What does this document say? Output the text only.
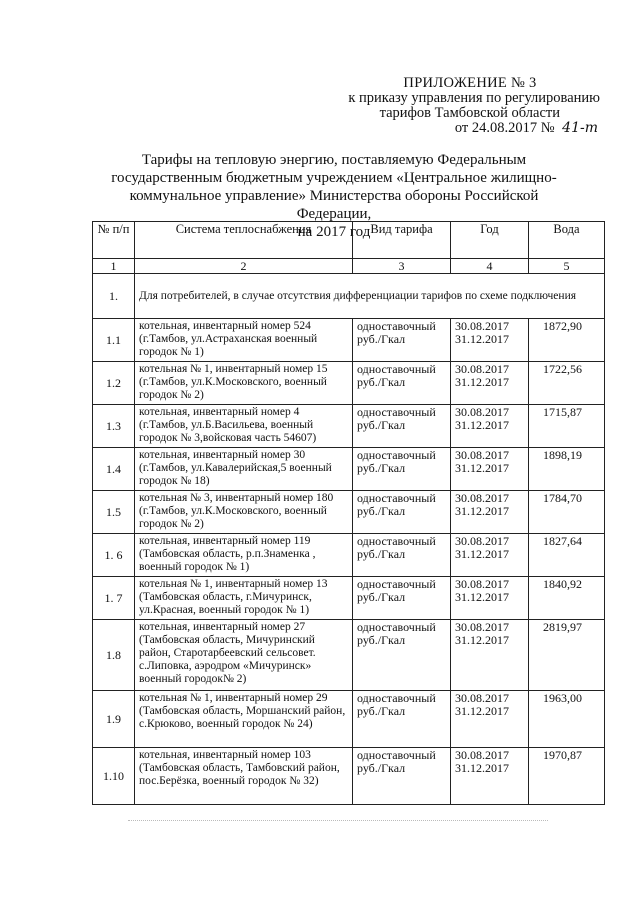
ПРИЛОЖЕНИЕ № 3
к приказу управления по регулированию
тарифов Тамбовской области
от 24.08.2017 № 41-т
Тарифы на тепловую энергию, поставляемую Федеральным
государственным бюджетным учреждением «Центральное жилищно-
коммунальное управление» Министерства обороны Российской Федерации,
на 2017 год
№ п/п	Система теплоснабжения	Вид тарифа	Год	Вода
1	2	3	4	5
1.	Для потребителей, в случае отсутствия дифференциации тарифов по схеме подключения			
1.1	котельная, инвентарный номер 524 (г.Тамбов, ул.Астраханская военный городок № 1)	одноставочный руб./Гкал	30.08.2017 31.12.2017	1872,90
1.2	котельная № 1, инвентарный номер 15 (г.Тамбов, ул.К.Московского, военный городок № 2)	одноставочный руб./Гкал	30.08.2017 31.12.2017	1722,56
1.3	котельная, инвентарный номер 4 (г.Тамбов, ул.Б.Васильева, военный городок № 3,войсковая часть 54607)	одноставочный руб./Гкал	30.08.2017 31.12.2017	1715,87
1.4	котельная, инвентарный номер 30 (г.Тамбов, ул.Кавалерийская,5 военный городок № 18)	одноставочный руб./Гкал	30.08.2017 31.12.2017	1898,19
1.5	котельная № 3, инвентарный номер 180 (г.Тамбов, ул.К.Московского, военный городок № 2)	одноставочный руб./Гкал	30.08.2017 31.12.2017	1784,70
1. 6	котельная, инвентарный номер 119 (Тамбовская область, р.п.Знаменка , военный городок № 1)	одноставочный руб./Гкал	30.08.2017 31.12.2017	1827,64
1. 7	котельная № 1, инвентарный номер 13 (Тамбовская область, г.Мичуринск, ул.Красная, военный городок № 1)	одноставочный руб./Гкал	30.08.2017 31.12.2017	1840,92
1.8	котельная, инвентарный номер 27 (Тамбовская область, Мичуринский район, Старотарбеевский сельсовет. с.Липовка, аэродром «Мичуринск» военный городок№ 2)	одноставочный руб./Гкал	30.08.2017 31.12.2017	2819,97
1.9	котельная № 1, инвентарный номер 29 (Тамбовская область, Моршанский район, с.Крюково, военный городок № 24)	одноставочный руб./Гкал	30.08.2017 31.12.2017	1963,00
1.10	котельная, инвентарный номер 103 (Тамбовская область, Тамбовский район, пос.Берёзка, военный городок № 32)	одноставочный руб./Гкал	30.08.2017 31.12.2017	1970,87
